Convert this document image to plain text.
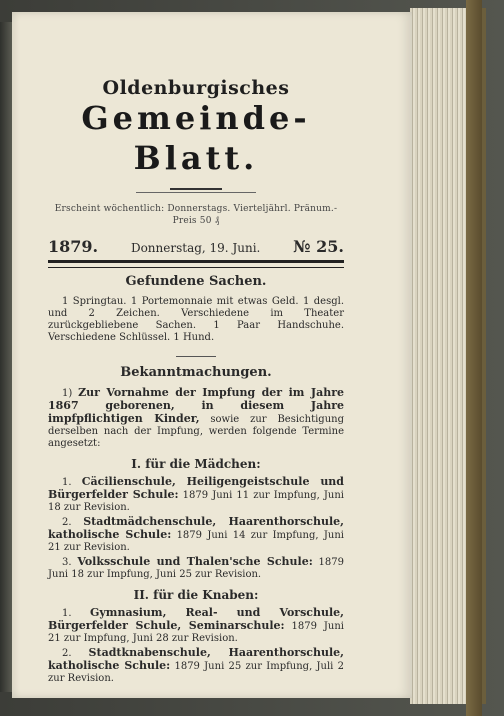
Oldenburgisches
Gemeinde-Blatt.
Erscheint wöchentlich: Donnerstags. Vierteljährl. Pränum.-Preis 50 ₰
1879.	Donnerstag, 19. Juni. № 25.
Gefundene Sachen.

1 Springtau. 1 Portemonnaie mit etwas Geld. 1 desgl. und 2 Zeichen. Verschiedene im Theater zurückgebliebene Sachen. 1 Paar Handschuhe. Verschiedene Schlüssel. 1 Hund.

Bekanntmachungen.

1) Zur Vornahme der Impfung der im Jahre 1867 geborenen, in diesem Jahre impfpflichtigen Kinder, sowie zur Besichtigung derselben nach der Impfung, werden folgende Termine angesetzt:

I. für die Mädchen:

1. Cäcilienschule, Heiligengeistschule und Bürgerfelder Schule: 1879 Juni 11 zur Impfung, Juni 18 zur Revision.

2. Stadtmädchenschule, Haarenthorschule, katholische Schule: 1879 Juni 14 zur Impfung, Juni 21 zur Revision.

3. Volksschule und Thalen'sche Schule: 1879 Juni 18 zur Impfung, Juni 25 zur Revision.

II. für die Knaben:

1. Gymnasium, Real- und Vorschule, Bürgerfelder Schule, Seminarschule: 1879 Juni 21 zur Impfung, Juni 28 zur Revision.

2. Stadtknabenschule, Haarenthorschule, katholische Schule: 1879 Juni 25 zur Impfung, Juli 2 zur Revision.
